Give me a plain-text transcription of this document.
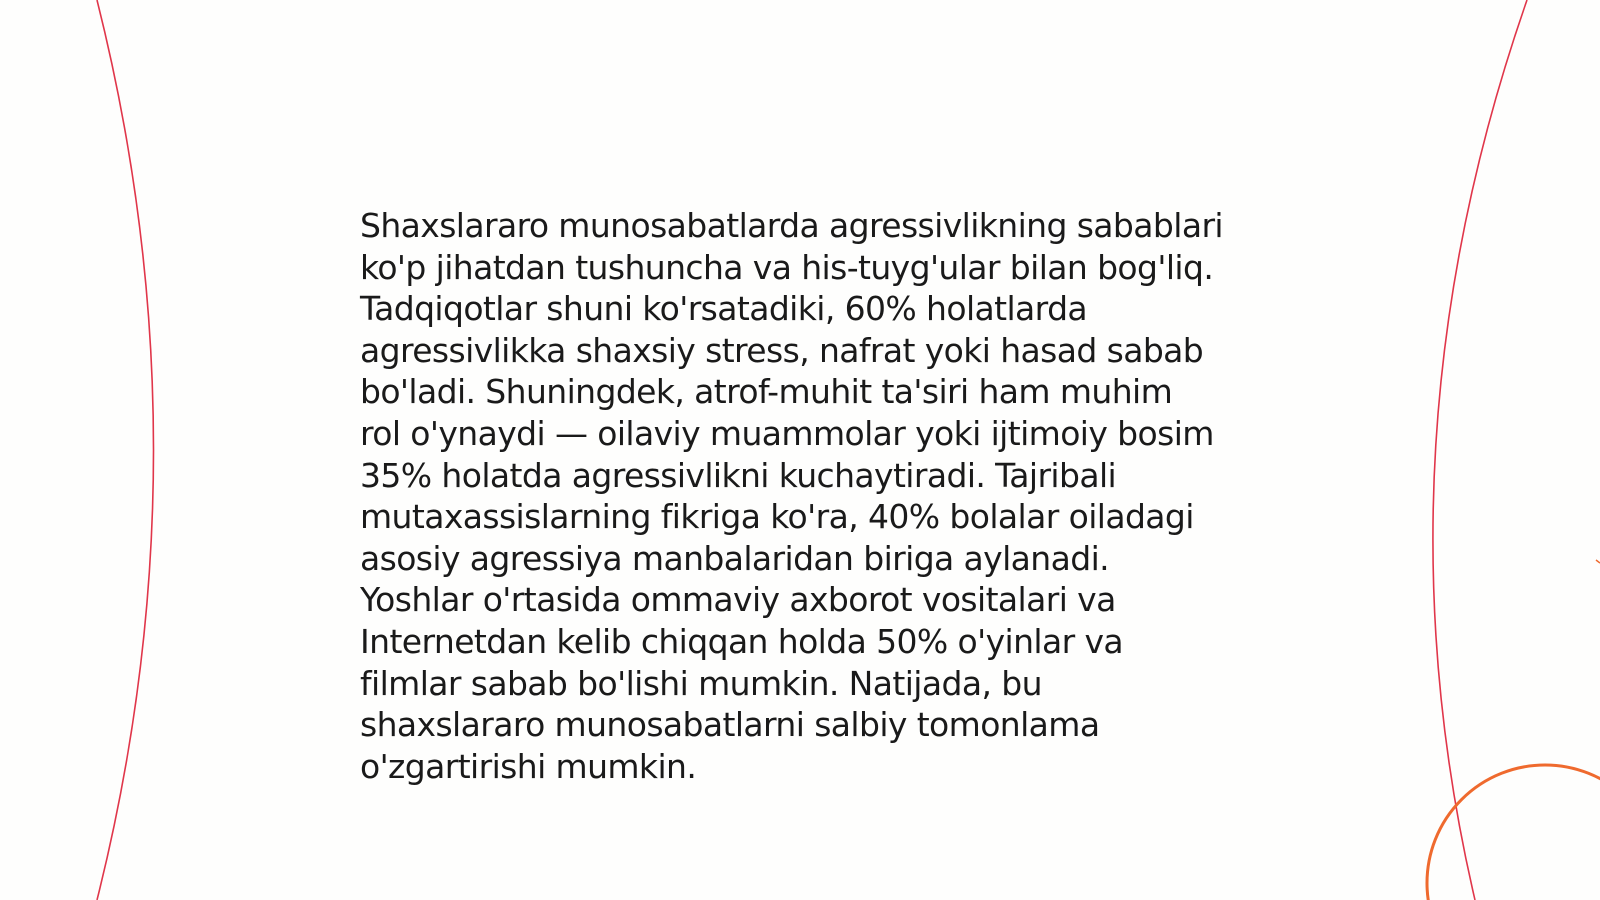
Shaxslararo munosabatlarda agressivlikning sabablari
ko'p jihatdan tushuncha va his-tuyg'ular bilan bog'liq.
Tadqiqotlar shuni ko'rsatadiki, 60% holatlarda
agressivlikka shaxsiy stress, nafrat yoki hasad sabab
bo'ladi. Shuningdek, atrof-muhit ta'siri ham muhim
rol o'ynaydi — oilaviy muammolar yoki ijtimoiy bosim
35% holatda agressivlikni kuchaytiradi. Tajribali
mutaxassislarning fikriga ko'ra, 40% bolalar oiladagi
asosiy agressiya manbalaridan biriga aylanadi.
Yoshlar o'rtasida ommaviy axborot vositalari va
Internetdan kelib chiqqan holda 50% o'yinlar va
filmlar sabab bo'lishi mumkin. Natijada, bu
shaxslararo munosabatlarni salbiy tomonlama
o'zgartirishi mumkin.
